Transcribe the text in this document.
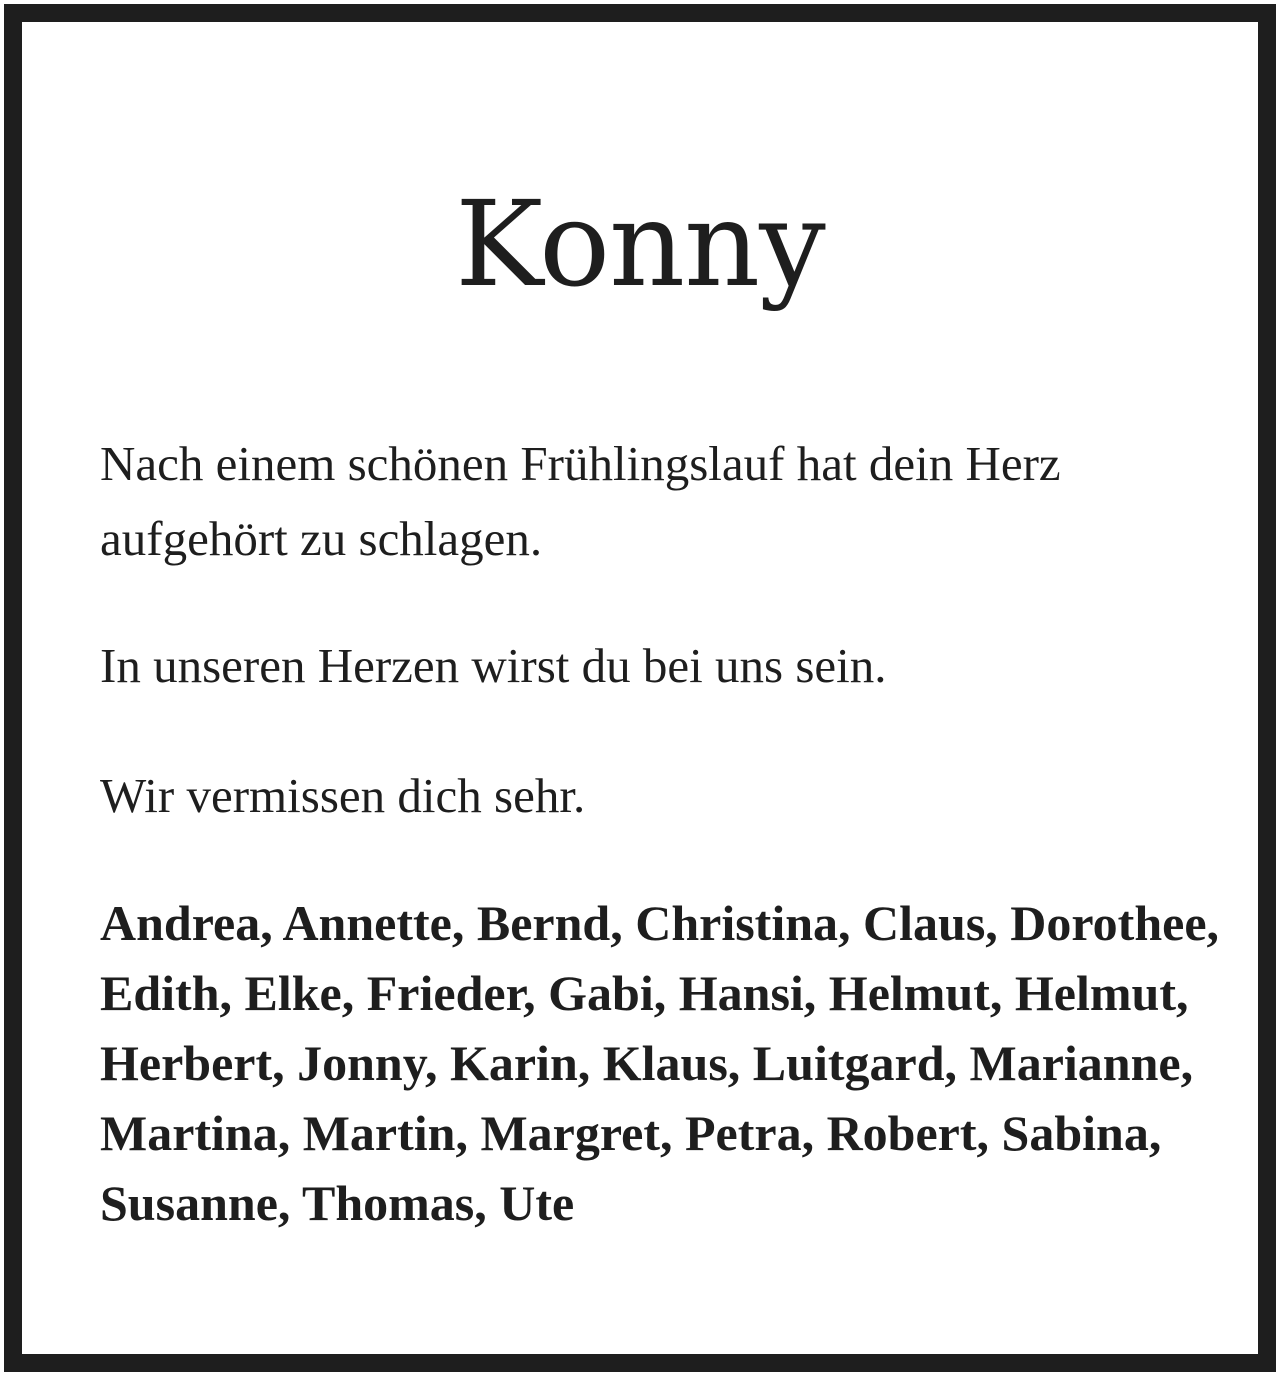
Konny

Nach einem schönen Frühlingslauf hat dein Herz aufgehört zu schlagen.

In unseren Herzen wirst du bei uns sein.

Wir vermissen dich sehr.

Andrea, Annette, Bernd, Christina, Claus, Dorothee, Edith, Elke, Frieder, Gabi, Hansi, Helmut, Helmut, Herbert, Jonny, Karin, Klaus, Luitgard, Marianne, Martina, Martin, Margret, Petra, Robert, Sabina, Susanne, Thomas, Ute
